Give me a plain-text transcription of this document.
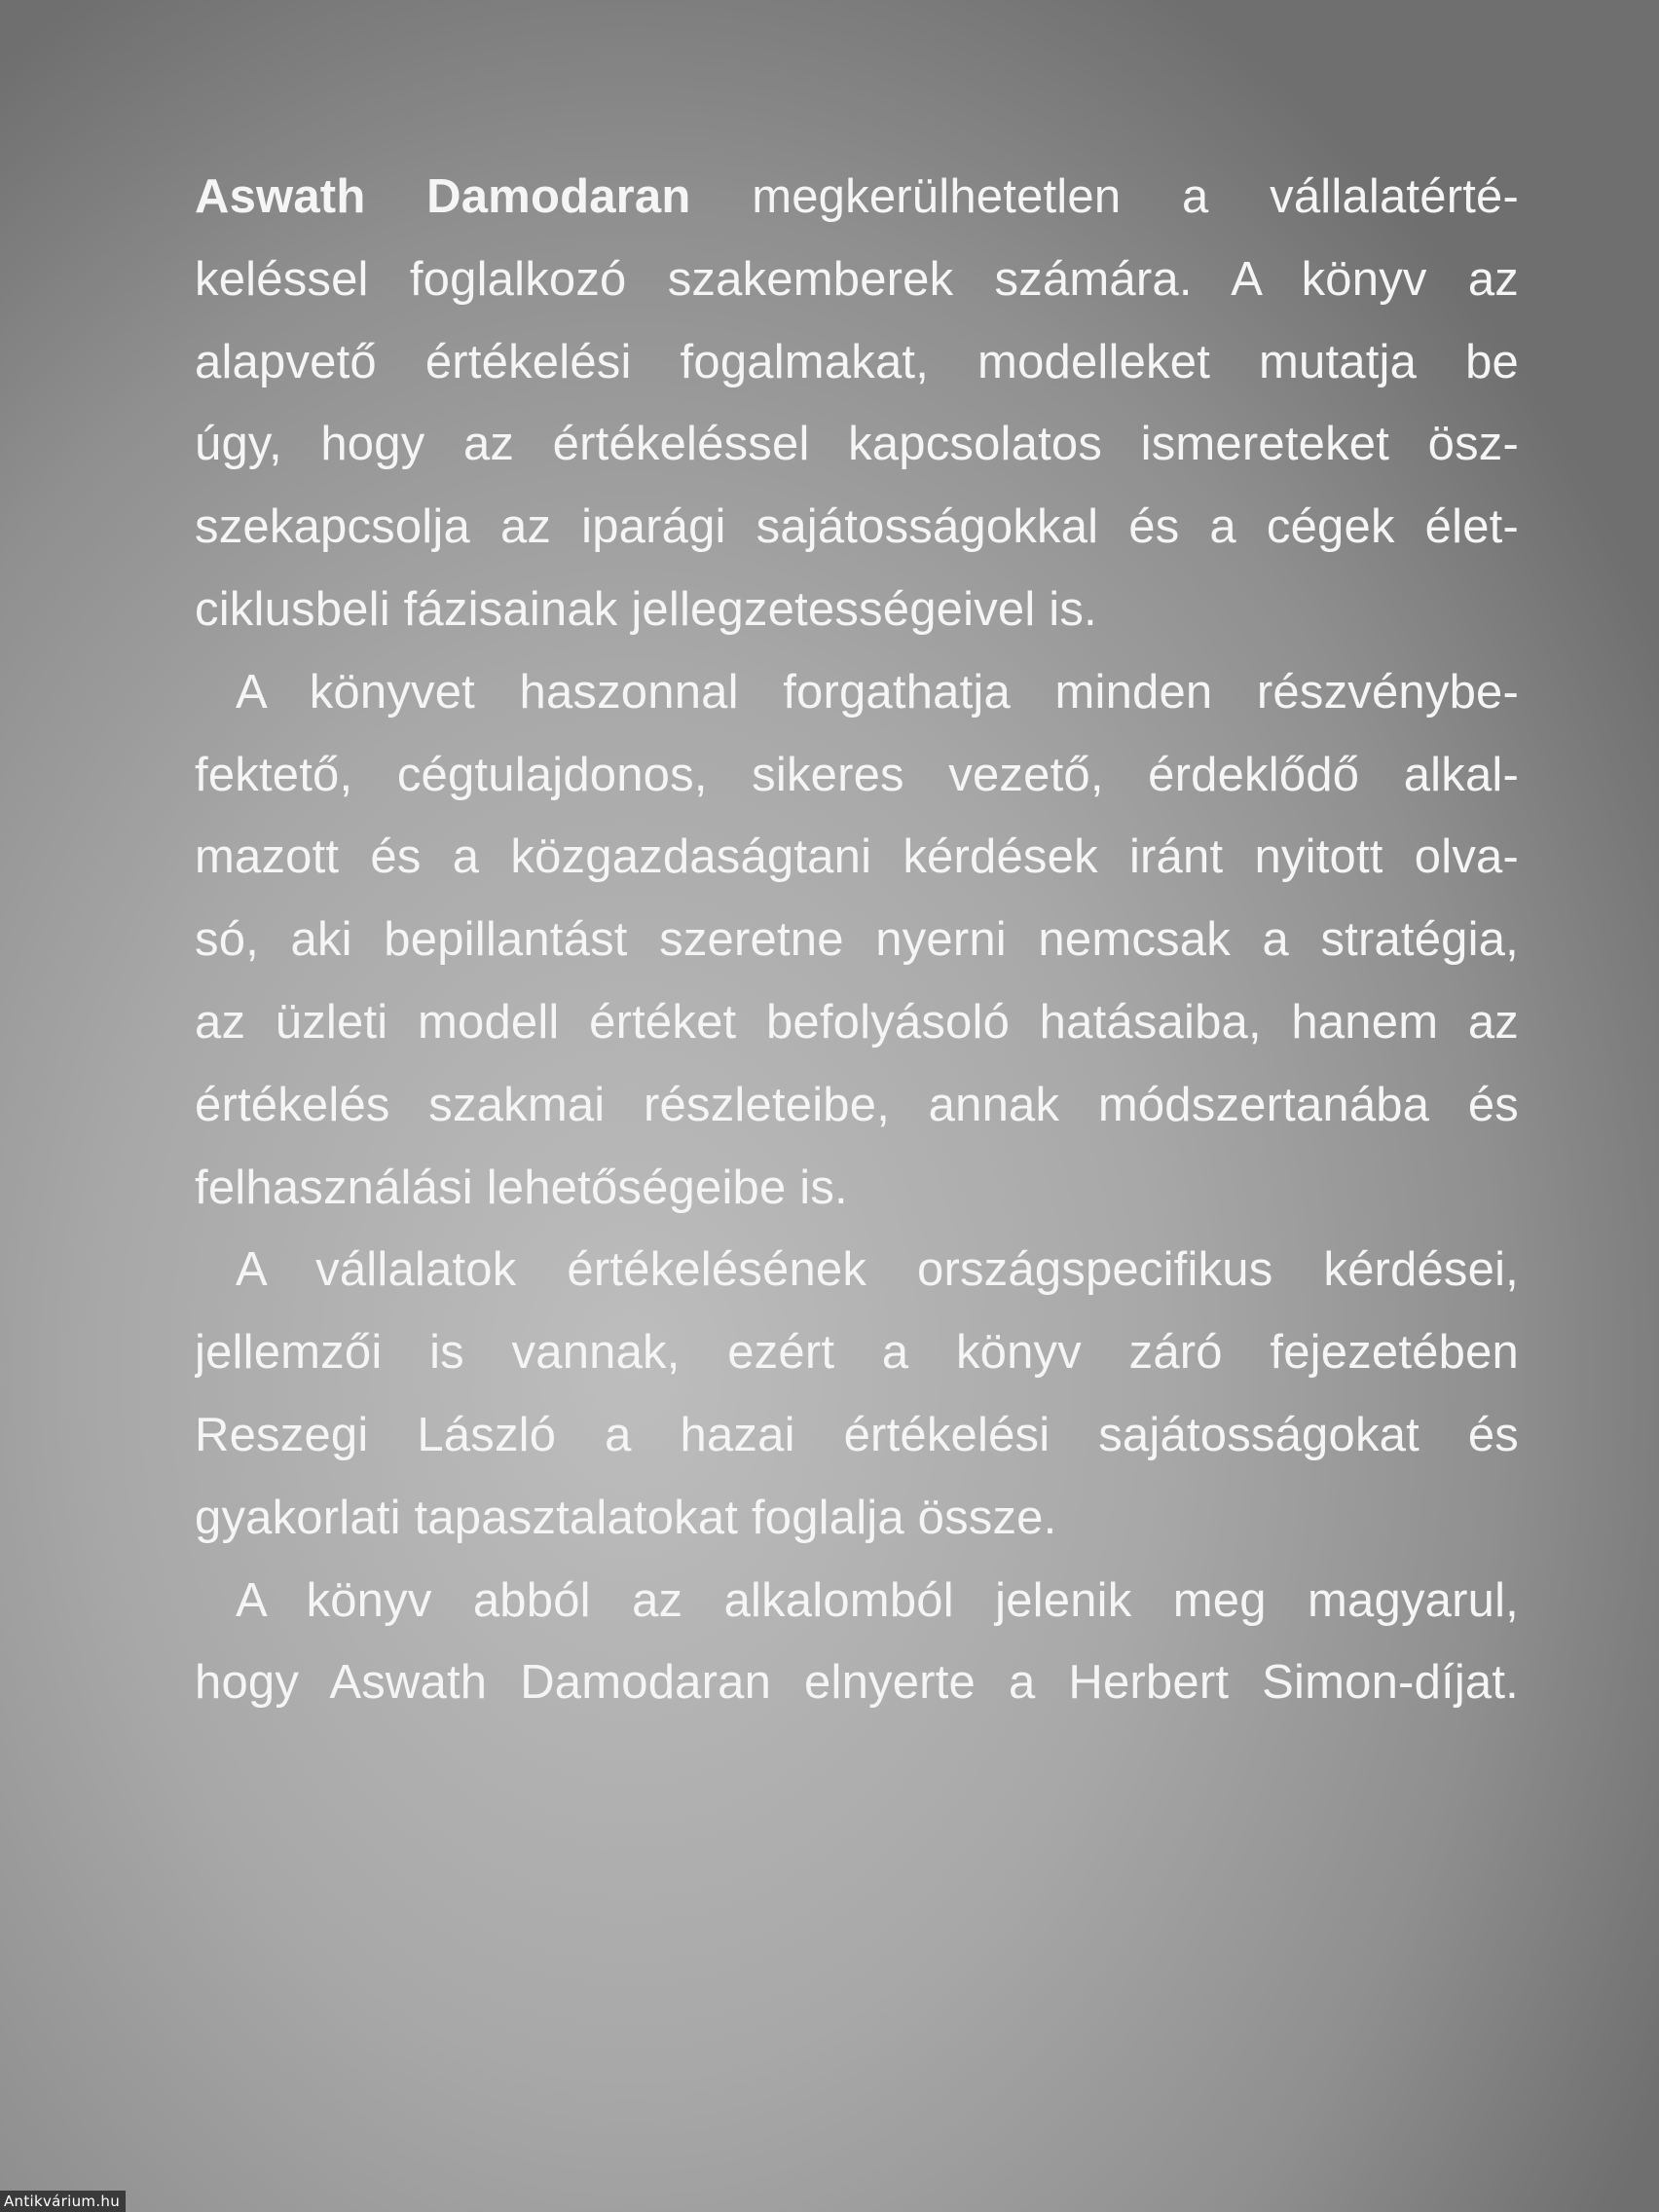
Aswath Damodaran megkerülhetetlen a vállalatérté-
keléssel foglalkozó szakemberek számára. A könyv az
alapvető értékelési fogalmakat, modelleket mutatja be
úgy, hogy az értékeléssel kapcsolatos ismereteket ösz-
szekapcsolja az iparági sajátosságokkal és a cégek élet-
ciklusbeli fázisainak jellegzetességeivel is.
A könyvet haszonnal forgathatja minden részvénybe-
fektető, cégtulajdonos, sikeres vezető, érdeklődő alkal-
mazott és a közgazdaságtani kérdések iránt nyitott olva-
só, aki bepillantást szeretne nyerni nemcsak a stratégia,
az üzleti modell értéket befolyásoló hatásaiba, hanem az
értékelés szakmai részleteibe, annak módszertanába és
felhasználási lehetőségeibe is.
A vállalatok értékelésének országspecifikus kérdései,
jellemzői is vannak, ezért a könyv záró fejezetében
Reszegi László a hazai értékelési sajátosságokat és
gyakorlati tapasztalatokat foglalja össze.
A könyv abból az alkalomból jelenik meg magyarul,
hogy Aswath Damodaran elnyerte a Herbert Simon-díjat.
Antikvárium.hu
